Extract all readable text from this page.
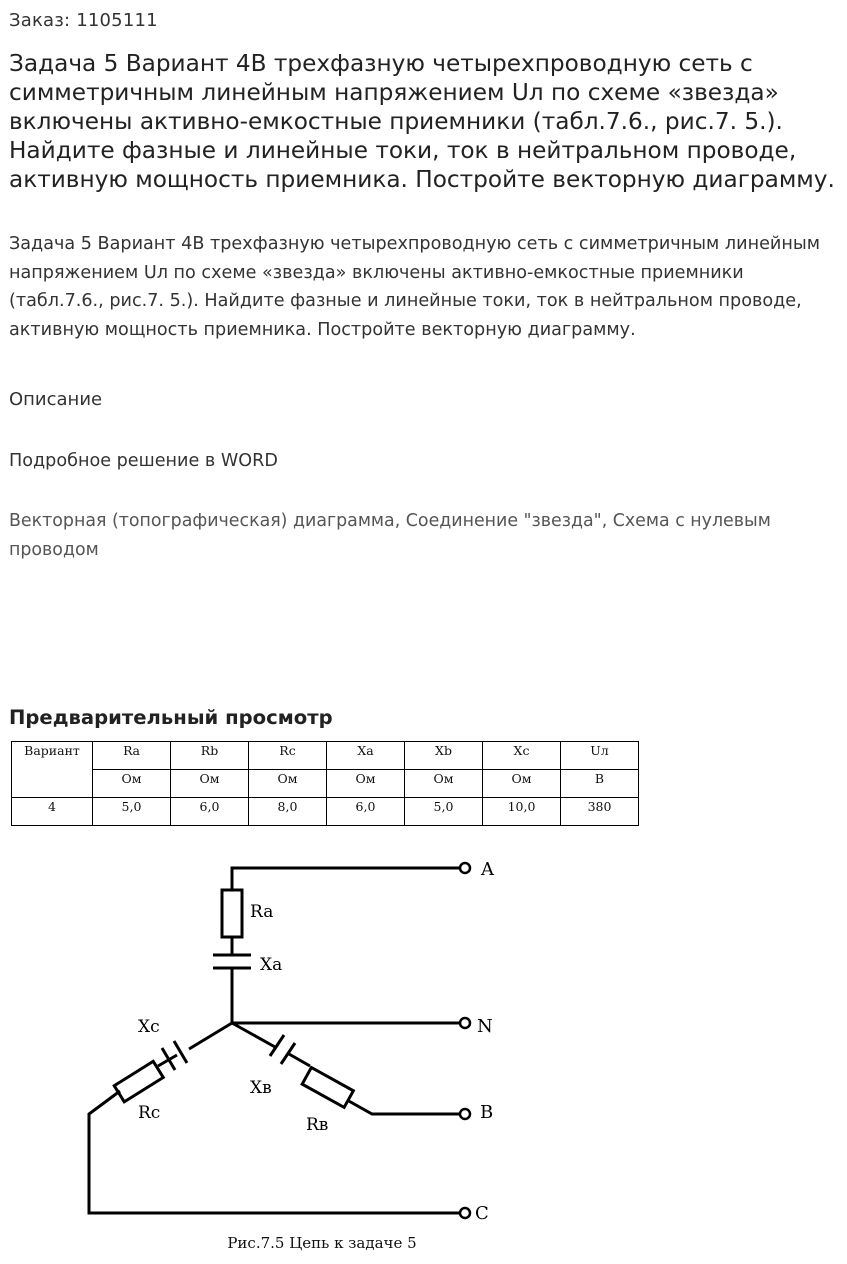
Заказ: 1105111
Задача 5 Вариант 4В трехфазную четырехпроводную сеть с симметричным линейным напряжением Uл по схеме «звезда» включены активно-емкостные приемники (табл.7.6., рис.7. 5.). Найдите фазные и линейные токи, ток в нейтральном проводе, активную мощность приемника. Постройте векторную диаграмму.

Задача 5 Вариант 4В трехфазную четырехпроводную сеть с симметричным линейным напряжением Uл по схеме «звезда» включены активно-емкостные приемники (табл.7.6., рис.7. 5.). Найдите фазные и линейные токи, ток в нейтральном проводе, активную мощность приемника. Постройте векторную диаграмму.

Описание
Подробное решение в WORD
Векторная (топографическая) диаграмма, Соединение "звезда", Схема с нулевым проводом
Предварительный просмотр
Вариант	Rа	Rb	Rc	Xa	Xb	Xc	Uл
	Ом	Ом	Ом	Ом	Ом	Ом	В
4	5,0	6,0	8,0	6,0	5,0	10,0	380
A
N
B
C
Ra
Xa
Xc
Rc
Xв
Rв
Рис.7.5 Цепь к задаче 5
